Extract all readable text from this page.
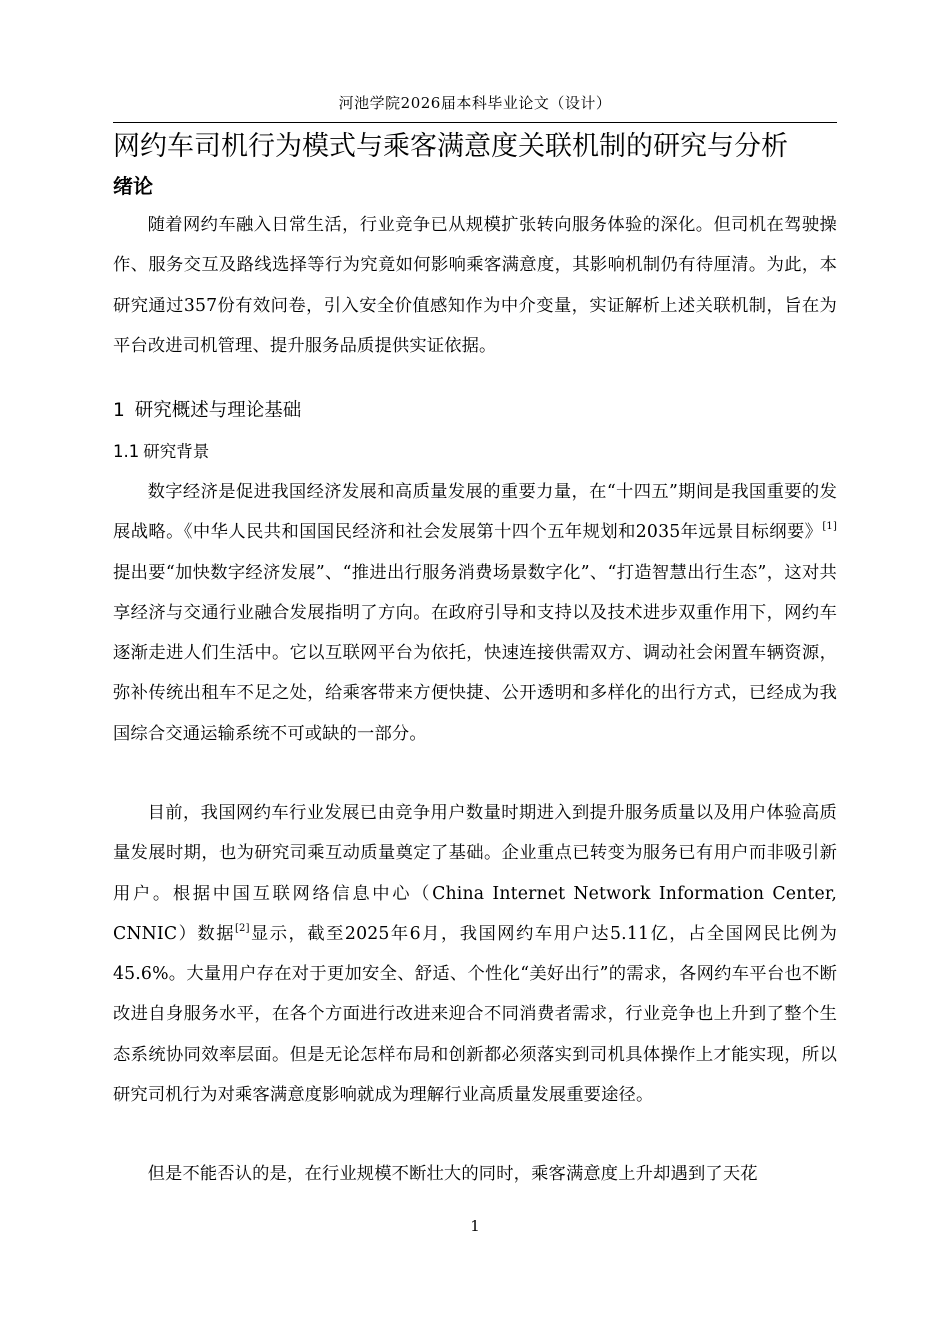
河池学院2026届本科毕业论文（设计）
网约车司机行为模式与乘客满意度关联机制的研究与分析
绪论

随着网约车融入日常生活，行业竞争已从规模扩张转向服务体验的深化。但司机在驾驶操作、服务交互及路线选择等行为究竟如何影响乘客满意度，其影响机制仍有待厘清。为此，本研究通过357份有效问卷，引入安全价值感知作为中介变量，实证解析上述关联机制，旨在为平台改进司机管理、提升服务品质提供实证依据。

1 研究概述与理论基础
1.1 研究背景

数字经济是促进我国经济发展和高质量发展的重要力量，在“十四五”期间是我国重要的发展战略。《中华人民共和国国民经济和社会发展第十四个五年规划和2035年远景目标纲要》[1]提出要“加快数字经济发展”、“推进出行服务消费场景数字化”、“打造智慧出行生态”，这对共享经济与交通行业融合发展指明了方向。在政府引导和支持以及技术进步双重作用下，网约车逐渐走进人们生活中。它以互联网平台为依托，快速连接供需双方、调动社会闲置车辆资源，弥补传统出租车不足之处，给乘客带来方便快捷、公开透明和多样化的出行方式，已经成为我国综合交通运输系统不可或缺的一部分。

目前，我国网约车行业发展已由竞争用户数量时期进入到提升服务质量以及用户体验高质量发展时期，也为研究司乘互动质量奠定了基础。企业重点已转变为服务已有用户而非吸引新用户。根据中国互联网络信息中心（China Internet Network Information Center, CNNIC）数据[2]显示，截至2025年6月，我国网约车用户达5.11亿，占全国网民比例为45.6%。大量用户存在对于更加安全、舒适、个性化“美好出行”的需求，各网约车平台也不断改进自身服务水平，在各个方面进行改进来迎合不同消费者需求，行业竞争也上升到了整个生态系统协同效率层面。但是无论怎样布局和创新都必须落实到司机具体操作上才能实现，所以研究司机行为对乘客满意度影响就成为理解行业高质量发展重要途径。

但是不能否认的是，在行业规模不断壮大的同时，乘客满意度上升却遇到了天花

1
